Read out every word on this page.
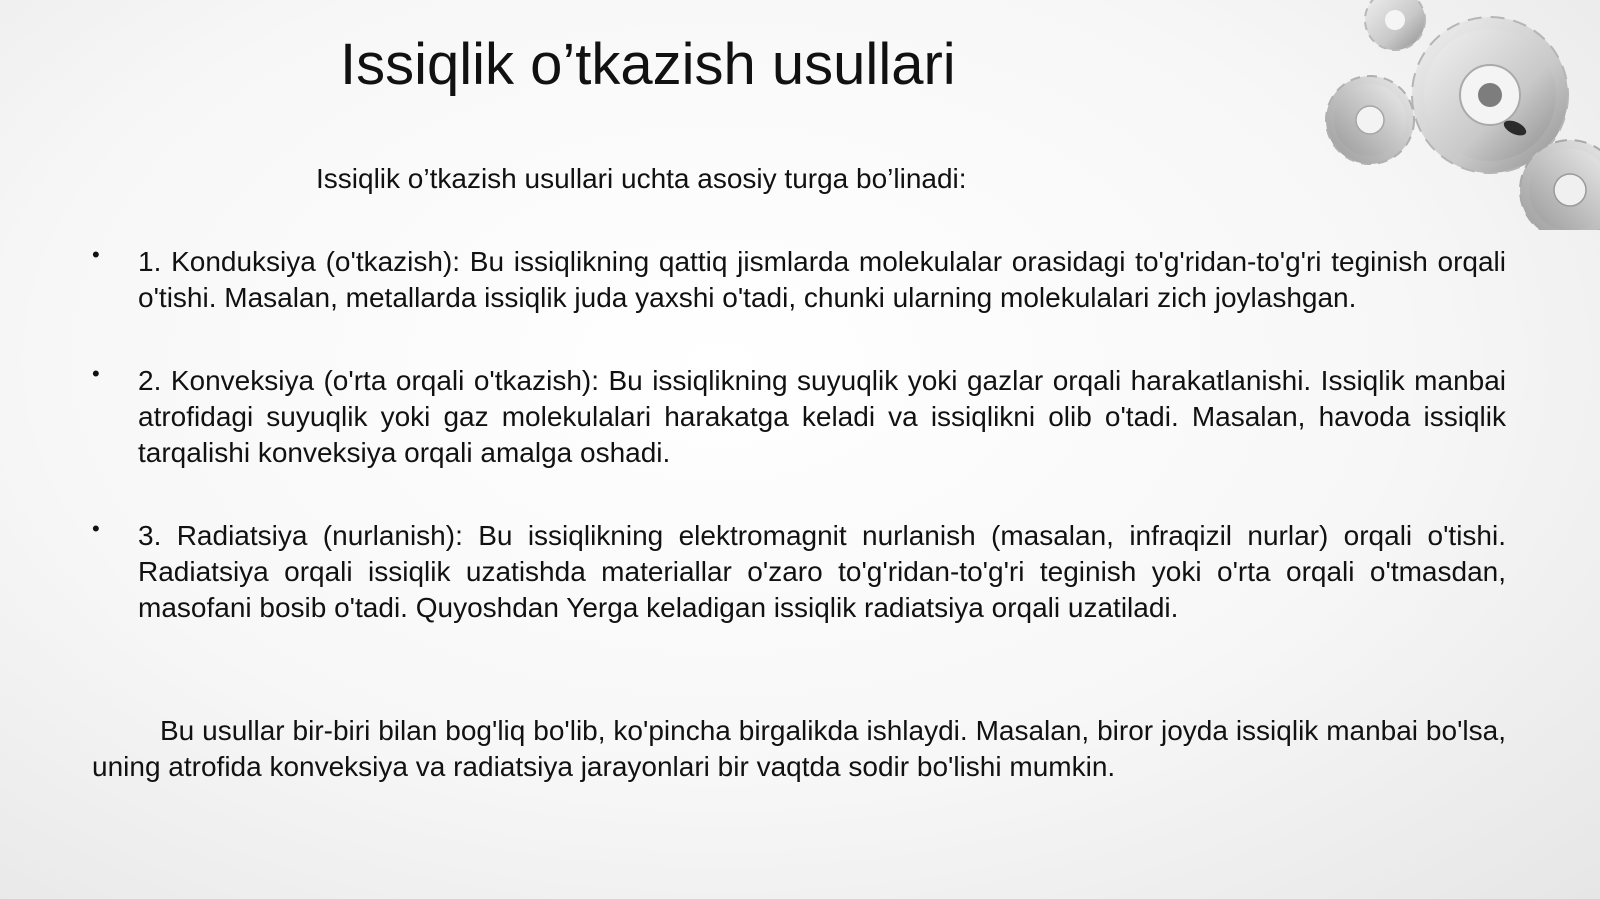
Issiqlik o’tkazish usullari

Issiqlik o’tkazish usullari uchta asosiy turga bo’linadi:

• 1. Konduksiya (o'tkazish): Bu issiqlikning qattiq jismlarda molekulalar orasidagi to'g'ridan-to'g'ri teginish orqali o'tishi. Masalan, metallarda issiqlik juda yaxshi o'tadi, chunki ularning molekulalari zich joylashgan.
• 2. Konveksiya (o'rta orqali o'tkazish): Bu issiqlikning suyuqlik yoki gazlar orqali harakatlanishi. Issiqlik manbai atrofidagi suyuqlik yoki gaz molekulalari harakatga keladi va issiqlikni olib o'tadi. Masalan, havoda issiqlik tarqalishi konveksiya orqali amalga oshadi.
• 3. Radiatsiya (nurlanish): Bu issiqlikning elektromagnit nurlanish (masalan, infraqizil nurlar) orqali o'tishi. Radiatsiya orqali issiqlik uzatishda materiallar o'zaro to'g'ridan-to'g'ri teginish yoki o'rta orqali o'tmasdan, masofani bosib o'tadi. Quyoshdan Yerga keladigan issiqlik radiatsiya orqali uzatiladi.

Bu usullar bir-biri bilan bog'liq bo'lib, ko'pincha birgalikda ishlaydi. Masalan, biror joyda issiqlik manbai bo'lsa, uning atrofida konveksiya va radiatsiya jarayonlari bir vaqtda sodir bo'lishi mumkin.
